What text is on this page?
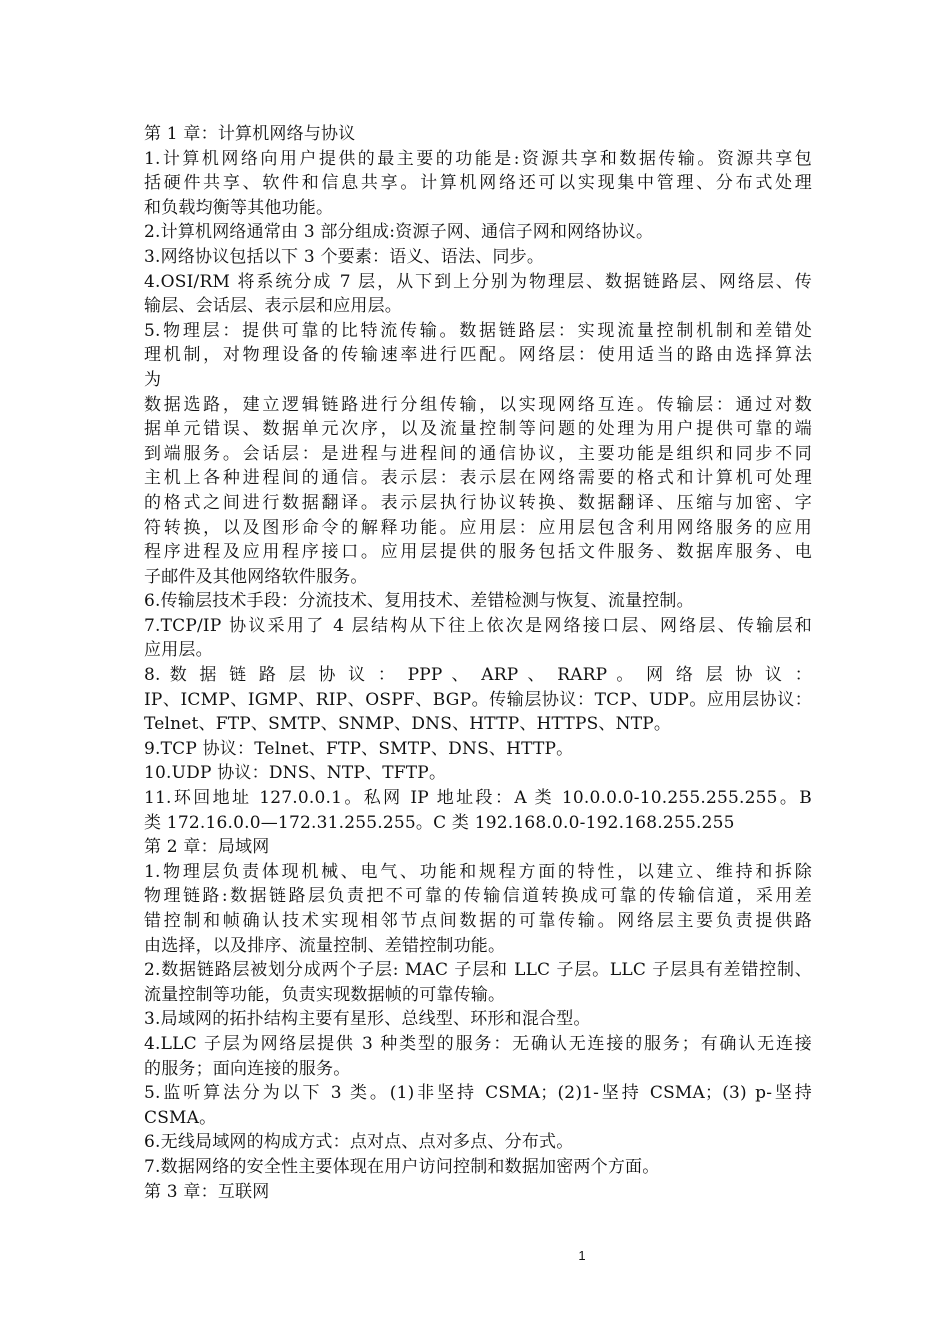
第 1 章：计算机网络与协议
1.计算机网络向用户提供的最主要的功能是:资源共享和数据传输。资源共享包
括硬件共享、软件和信息共享。计算机网络还可以实现集中管理、分布式处理
和负载均衡等其他功能。
2.计算机网络通常由 3 部分组成:资源子网、通信子网和网络协议。
3.网络协议包括以下 3 个要素：语义、语法、同步。
4.OSI/RM 将系统分成 7 层，从下到上分别为物理层、数据链路层、网络层、传
输层、会话层、表示层和应用层。
5.物理层：提供可靠的比特流传输。数据链路层：实现流量控制机制和差错处
理机制，对物理设备的传输速率进行匹配。网络层：使用适当的路由选择算法
为
数据选路，建立逻辑链路进行分组传输，以实现网络互连。传输层：通过对数
据单元错误、数据单元次序，以及流量控制等问题的处理为用户提供可靠的端
到端服务。会话层：是进程与进程间的通信协议，主要功能是组织和同步不同
主机上各种进程间的通信。表示层：表示层在网络需要的格式和计算机可处理
的格式之间进行数据翻译。表示层执行协议转换、数据翻译、压缩与加密、字
符转换，以及图形命令的解释功能。应用层：应用层包含利用网络服务的应用
程序进程及应用程序接口。应用层提供的服务包括文件服务、数据库服务、电
子邮件及其他网络软件服务。
6.传输层技术手段：分流技术、复用技术、差错检测与恢复、流量控制。
7.TCP/IP 协议采用了 4 层结构从下往上依次是网络接口层、网络层、传输层和
应用层。
8. 数 据 链 路 层 协 议 ： PPP 、 ARP 、 RARP 。 网 络 层 协 议 ：
IP、ICMP、IGMP、RIP、OSPF、BGP。传输层协议：TCP、UDP。应用层协议：
Telnet、FTP、SMTP、SNMP、DNS、HTTP、HTTPS、NTP。
9.TCP 协议：Telnet、FTP、SMTP、DNS、HTTP。
10.UDP 协议：DNS、NTP、TFTP。
11.环回地址 127.0.0.1。私网 IP 地址段：A 类 10.0.0.0-10.255.255.255。B
类 172.16.0.0—172.31.255.255。C 类 192.168.0.0-192.168.255.255
第 2 章：局域网
1.物理层负责体现机械、电气、功能和规程方面的特性，以建立、维持和拆除
物理链路:数据链路层负责把不可靠的传输信道转换成可靠的传输信道，采用差
错控制和帧确认技术实现相邻节点间数据的可靠传输。网络层主要负责提供路
由选择，以及排序、流量控制、差错控制功能。
2.数据链路层被划分成两个子层: MAC 子层和 LLC 子层。LLC 子层具有差错控制、
流量控制等功能，负责实现数据帧的可靠传输。
3.局域网的拓扑结构主要有星形、总线型、环形和混合型。
4.LLC 子层为网络层提供 3 种类型的服务：无确认无连接的服务；有确认无连接
的服务；面向连接的服务。
5.监听算法分为以下 3 类。(1)非坚持 CSMA；(2)1-坚持 CSMA；(3) p-坚持
CSMA。
6.无线局域网的构成方式：点对点、点对多点、分布式。
7.数据网络的安全性主要体现在用户访问控制和数据加密两个方面。
第 3 章：互联网
1
